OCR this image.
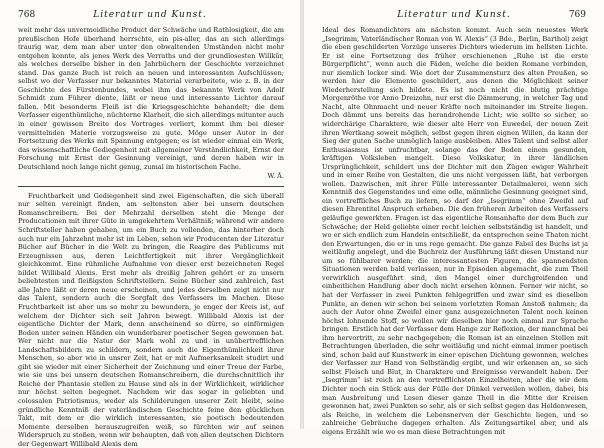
768	Literatur und Kunst.

weit mehr das unvermeidliche Product der Schwäche und Rathlosigkeit, die am preußischen Hofe überhand herrschte, ein pis-aller, das an sich allerdings traurig war, dem man aber unter den obwaltenden Umständen nicht mehr entgehen konnte, als jenes Werk des Verraths und der grundlosesten Willkür, als welches derselbe bisher in den Jahrbüchern der Geschichte verzeichnet stand. Das ganze Buch ist reich an neuen und interessanten Aufschlüssen; selbst wo der Verfasser nur bekanntes Material verarbeitete, wie z. B. in der Geschichte des Fürstenbundes, wobei ihm das bekannte Werk von Adolf Schmidt zum Führer diente, läßt er neue und interessante Lichter darauf fallen. Mit besonderm Fleiß ist die Kriegsgeschichte behandelt; die dem Verfasser eigenthümliche, nüchterne Klarheit, die sich allerdings mitunter auch in einer gewissen Breite des Vortrages verliert, kommt ihm bei dieser vermittelnden Materie vorzugsweise zu gute. Möge unser Autor in der Fortsetzung des Werks mit Spannung entgegen; es ist wieder einmal ein Werk, das wissenschaftliche Gediegenheit mit allgemeiner Verständlichkeit, Ernst der Forschung mit Ernst der Gesinnung vereinigt, und deren haben wir in Deutschland noch lange nicht genug, zumal im historischen Fache.

W. Ä.

Fruchtbarkeit und Gediegenheit sind zwei Eigenschaften, die sich überall nur selten vereinigt finden, am seltensten aber bei unsern deutschen Romanschreibern. Bei der Mehrzahl derselben steht die Menge der Producationen mit ihrer Güte in umgekehrtem Verhältniß; während wir andere Schriftsteller haben gehaben, um ein Buch zu vollenden, das hinterher doch auch nur ein Jahrzehnt mehr ist im Leben, sehen wir Producenten der Literatur Bücher auf Bücher in die Welt zu bringen, die Reagire des Publicums mit Erzeugnissen aus, deren Leichtfertigkeit mit ihrer Vergänglichkeit gleichkommt. Eine rühmliche Aufnahme von dieser erst bezeichneten Regel bildet Willibald Alexis. Erst mehr als dreißig Jahren gehört er zu unsern beliebtesten und fleißigsten Schriftstellern. Seine Bücher sind zahlreich, fast alle Jahre läßt er deren neue erscheinen, und jedes derselben zeigt nicht nur das Talent, sondern auch die Sorgfalt des Verfassers im Machen. Diese Fruchtbarkeit ist aber um so mehr zu bewundern, je enger der Kreis ist, auf welchem der Dichter sich seit Jahren bewegt. Willibald Alexis ist der eigentliche Dichter der Mark, denn anscheinend so dürre, so einförmigen Boden unter seinen Händen ein wunderbarer poetischer Segen gewonnen hat. Wer nicht nur die Natur der Mark wohl zu und in unübertrefflichen Landschaftsbildern zu schildern, sondern auch die Eigenthümlichkeit ihrer Menschen, so aber wie in unsrer Zeit, hat er mit Aufmerksamkeit studirt und gibt sie wieder mit einer Sicherheit der Zeichnung und einer Treue der Farbe, wie sie uns bei unsern deutschen Romanschreibern, die durchschnittlich ihr Reiche der Phantasie stellen zu Hause sind als in der Wirklichkeit, wirklicher nur höchst selten begegnet. Nachdem wir das sogar in geliebten und colossalen Patriotismus, weder als Schilderungen unserer Zeit bleibt, seine gründliche Kenntniß der vaterländischen Geschichte feine den glücklichen Takt, mit dem er die wirklich interessanten, sie poetisch bedeutenden Momente derselben herauszugreifen weiß, so fürchten wir auf seinen Widerspruch zu stoßen, wenn wir behaupten, daß von allen deutschen Dichtern der Gegenwart Willibald Alexis dem

Literatur und Kunst.	769

Ideal des Romandichters am nächsten kommt. Auch sein neuestes Werk „Isegrimm, Vaterländischer Roman von W. Alexis“ (3 Bde., Berlin, Barthol) zeigt die eben geschilderten Vorzüge unseres Dichters wiederum im hellsten Lichte. Er ist eine Fortsetzung des früher erschienenen „Ruhe ist die erste Bürgerpflicht“, wenn auch die Fäden, welche die beiden Romane verbinden, nur ziemlich locker sind. Wie dort der Zusammensturz des alten Preußen, so werden hier die Elemente geschildert, aus denen die Möglichkeit seiner Wiederherstellung sich bildete. Es ist noch nicht die blutig prächtige Morgenröthe vor Anno Dreizehn, nur erst die Dämmerung, in welcher Tag und Nacht, alte Ohnmacht und neuer Kräfte noch miteinander im Streite liegen. Doch dämmt uns bereits das herandrohende Licht; wie sollte so sicher, so widerchärige Charaktere, wie dieser alte Herr von Euwedel, der neuen Zeit ihren Wertkang soweit möglich, selbst gegen ihren eignen Willen, da kann der Sieg der guten Sache unmöglich lange ausbleiben. Alles Talent und selbst aller Enthusiasmus ist unfruchtbar, solange das der Boden einem gesunden, kräftigen Volksleben mangelt. Diese Volkskatur, in ihrer ländlichen Ursprünglichkeit, schildert uns der Dichter mit den Zügen ewiger Wahrheit und in einer Reihe von Gestalten, die uns nicht vergessen läßt, hat verborgen wollen. Dazwischen, mit ihrer Fülle interessanter Detailmalerei, wenn sich Kenntniß des Gegenstandes und eine edle, männliche Gesinnung geeignet sind, ein vortreffliches Buch zu liefern, so darf der „Isegrimm“ ohne Zweifel auf diesen Ehrentitel Anspruch erheben. Die den früheren Arbeiten des Verfassers geläufige gewerkten. Fragen ist das eigentliche Romanhafte der dem Buch zur Schwäche; der Held geliebte einer recht leichen selbstständig ist handelt, und wo er sich endlich zum Handeln entschließt, da entsprechen seine Thaten nicht den Erwartungen, die er in uns rege gemacht. Die ganze Fabel des Buchs ist ja weitläufig angelegt, und die Buchreiz der Ausführung läßt diesen Umstand nur um so fühlbarer werden; die interessantesten Figuren, die spannendsten Situationen werden bald verlassen, nur in Episoden abgemacht, die zum Theil verwirklich ausgeführt sind, den Mangel einer durchgreifenden und einheitlichen Handlung aber doch nicht ersehen können. Ferner wir nicht, so hat der Verfasser in zwei Punkten fehlgegriffen und zwar sind es dieselben Punkte, an denen wir schon bei seinem vorletzten Roman Anstoß nahmen; da auch der Autor ohne Zweifel einer ganz ausgezeichneten Talent noch keinen höchst lohnende Stoff, so wollen wir dieselben hier noch einmal zur Sprache bringen. Erstlich hat der Verfasser dem Hange zur Reflexion, der manchmal bei ihm hervortritt, zu sehr nachgegeben; die Roman ist an einzelnen Stellen mit Betrachtungen überladen, die sehr weitläufig und nicht einmal immer poetisch sind, schon bald auf Kunstwerk in einer epischen Dichtung gewonnen, welches der Verfasser zur Hand von Selbständig ergibt, und wir erkennen an, so sich selbst Fleisch und Blut, in Charaktere und Ereignisse verwandelt haben. Der „Isegrimm“ ist reich an den vortrefflichsten Einzelheiten, aber die wir dem Dichter noch ein Stück aus der Fülle der Dünkel verweilen wollen, dabei, bis man Ausbreitung und Lesen dieser ganze Theil in die Mitte der Kreisen gewonnen hat, zwei Punkten so sehr, als er sich selbst gegen das Heldenwesen, als Reiche, in welchem die Lebensnerven der Geschichte liegen, und so zahlreiche Gebräuche dagegen erhalten. Als Zeitungsartikel aber, und als eigens Erzählt wie wo es man diese Betrachtungen mit
